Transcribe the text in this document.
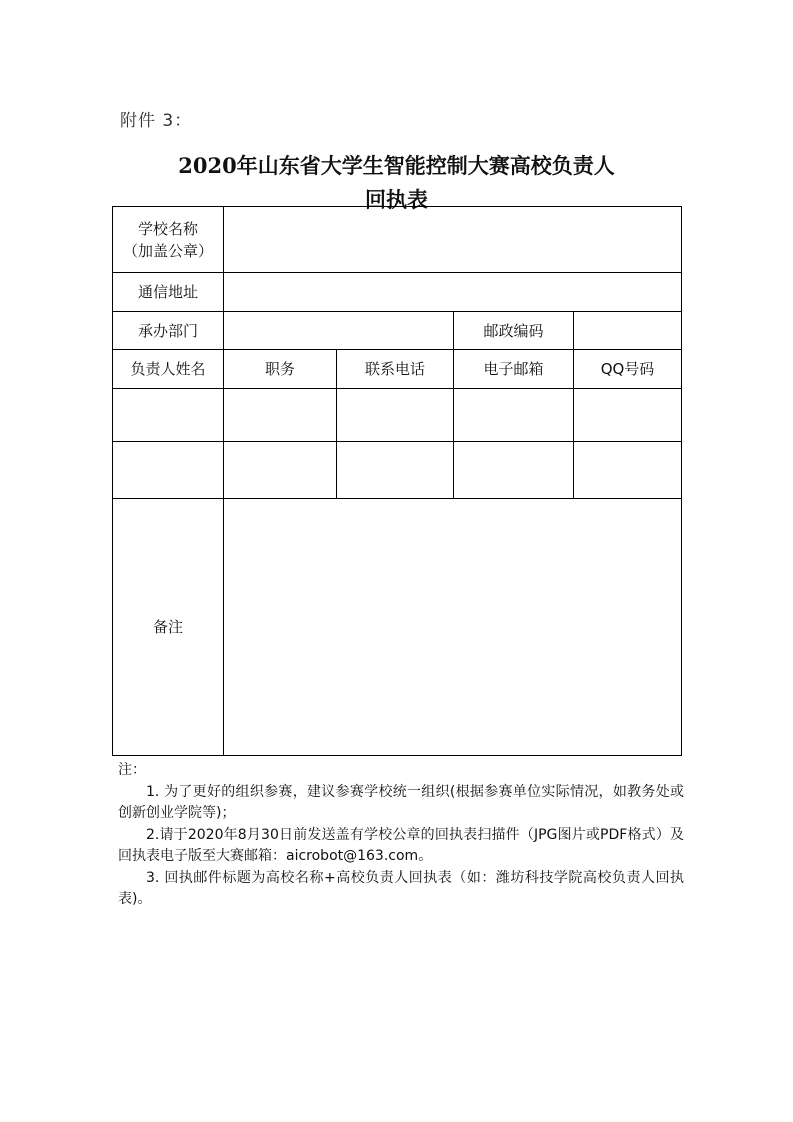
附件 3：
2020年山东省大学生智能控制大赛高校负责人
回执表
学校名称
（加盖公章）				

通信地址				
承办部门			邮政编码	
负责人姓名	职务	联系电话	电子邮箱	QQ号码

备注				

注：

1. 为了更好的组织参赛，建议参赛学校统一组织(根据参赛单位实际情况，如教务处或创新创业学院等)；

2.请于2020年8月30日前发送盖有学校公章的回执表扫描件（JPG图片或PDF格式）及回执表电子版至大赛邮箱：aicrobot@163.com。

3. 回执邮件标题为高校名称+高校负责人回执表（如：潍坊科技学院高校负责人回执表)。
